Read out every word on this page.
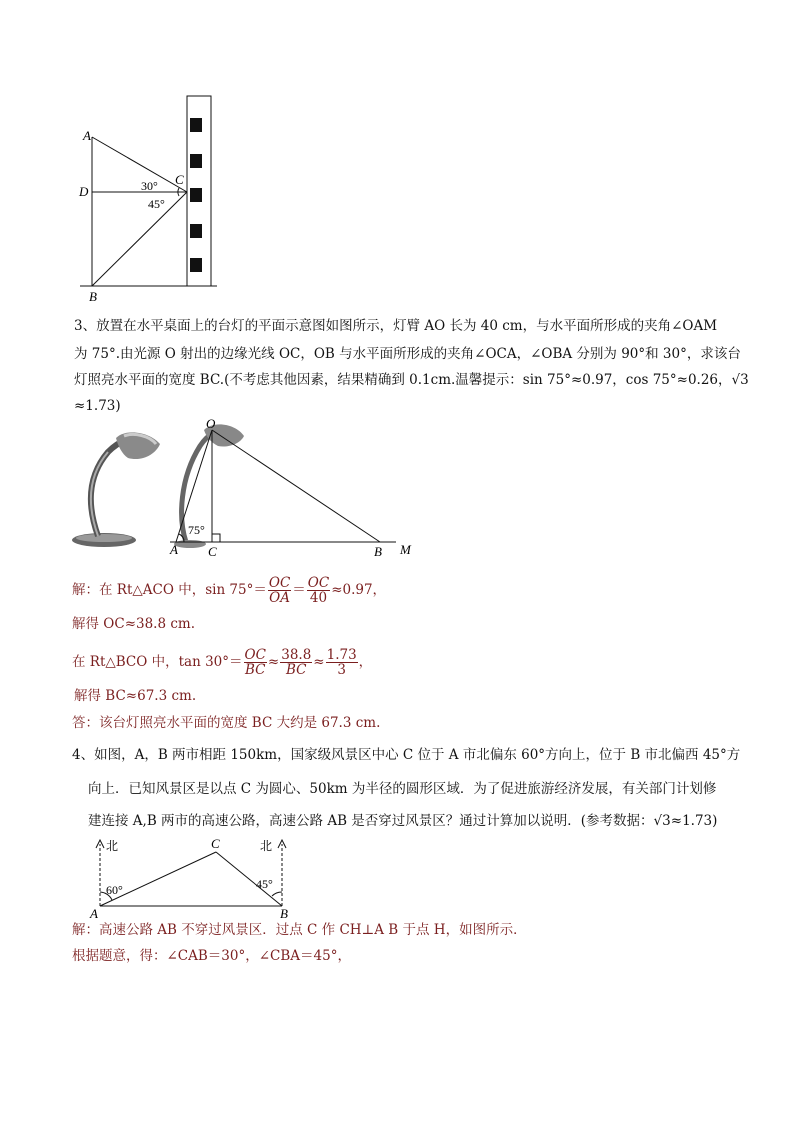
A
D
B
C
30°
45°
3、放置在水平桌面上的台灯的平面示意图如图所示，灯臂 AO 长为 40 cm，与水平面所形成的夹角∠OAM
为 75°.由光源 O 射出的边缘光线 OC，OB 与水平面所形成的夹角∠OCA，∠OBA 分别为 90°和 30°，求该台
灯照亮水平面的宽度 BC.(不考虑其他因素，结果精确到 0.1cm.温馨提示：sin 75°≈0.97，cos 75°≈0.26，√3
≈1.73)
O
A C	B M
75°
解：在 Rt△ACO 中，$\sin 75^\circ= \frac{OC}{OA} = \frac{OC}{40} \approx 0.97$，
解得 OC≈38.8 cm.
在 Rt△BCO 中，$\tan 30^\circ= \frac{OC}{BC} \approx \frac{38.8}{BC} \approx \frac{1.73}{3}$ ，
解得 BC≈67.3 cm.
答：该台灯照亮水平面的宽度 BC 大约是 67.3 cm.
4、如图，A，B 两市相距 150km，国家级风景区中心 C 位于 A 市北偏东 60°方向上，位于 B 市北偏西 45°方
向上．已知风景区是以点 C 为圆心、50km 为半径的圆形区域．为了促进旅游经济发展，有关部门计划修
建连接 A,B 两市的高速公路，高速公路 AB 是否穿过风景区？通过计算加以说明．(参考数据：√3≈1.73)
北	北
C
A	B
60°	45°
解：高速公路 AB 不穿过风景区．过点 C 作 CH⊥A B 于点 H，如图所示．
根据题意，得：∠CAB＝30°，∠CBA＝45°，
